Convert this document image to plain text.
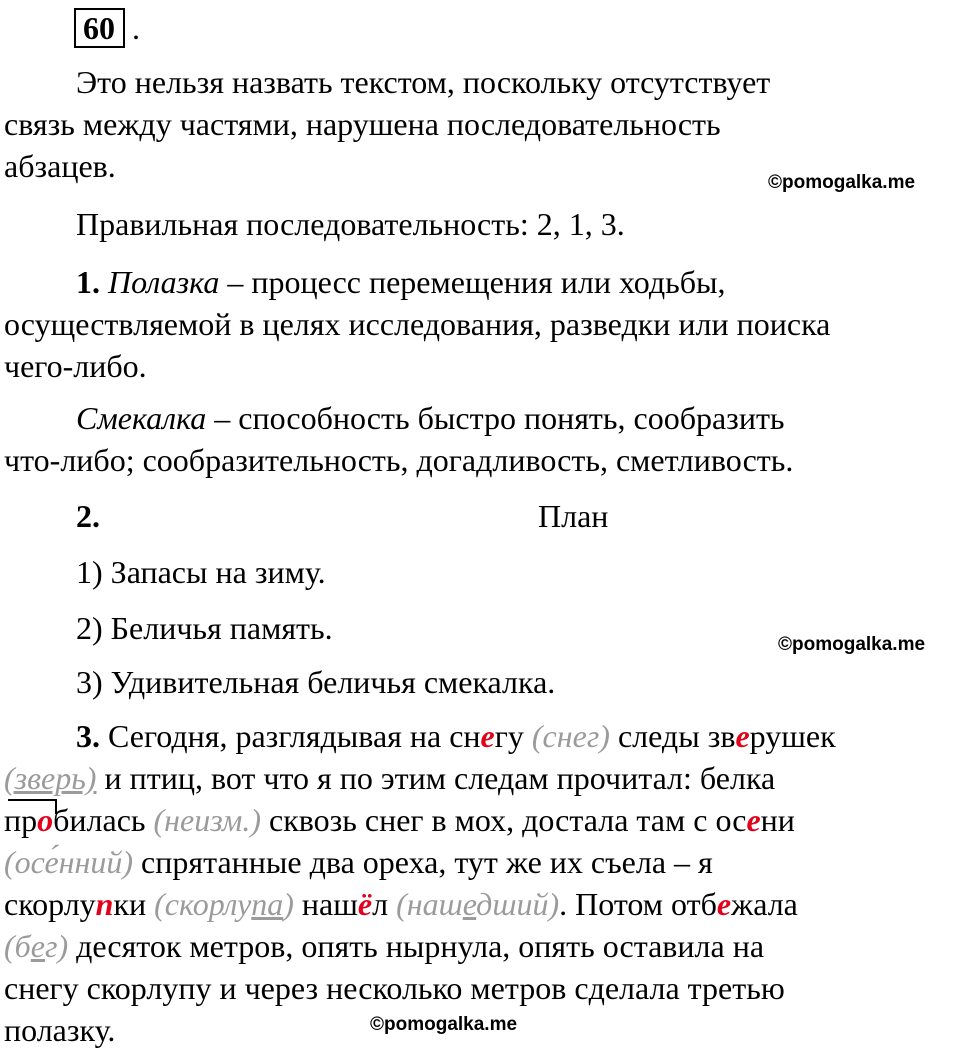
60 .
Это нельзя назвать текстом, поскольку отсутствует
связь между частями, нарушена последовательность
абзацев.	©pomogalka.me
Правильная последовательность: 2, 1, 3.
1. Полазка – процесс перемещения или ходьбы,
осуществляемой в целях исследования, разведки или поиска
чего-либо.
Смекалка – способность быстро понять, сообразить
что-либо; сообразительность, догадливость, сметливость.
2.	План
1) Запасы на зиму.
2) Беличья память.	©pomogalka.me
3) Удивительная беличья смекалка.
3. Сегодня, разглядывая на снегу (снег) следы зверушек
(зверь) и птиц, вот что я по этим следам прочитал: белка
пробилась (неизм.) сквозь снег в мох, достала там с осени
(осе ́нний) спрятанные два ореха, тут же их съела – я
скорлупки (скорлупа) нашёл (нашедший). Потом отбежала
(бег) десяток метров, опять нырнула, опять оставила на
снегу скорлупу и через несколько метров сделала третью
полазку.	©pomogalka.me
